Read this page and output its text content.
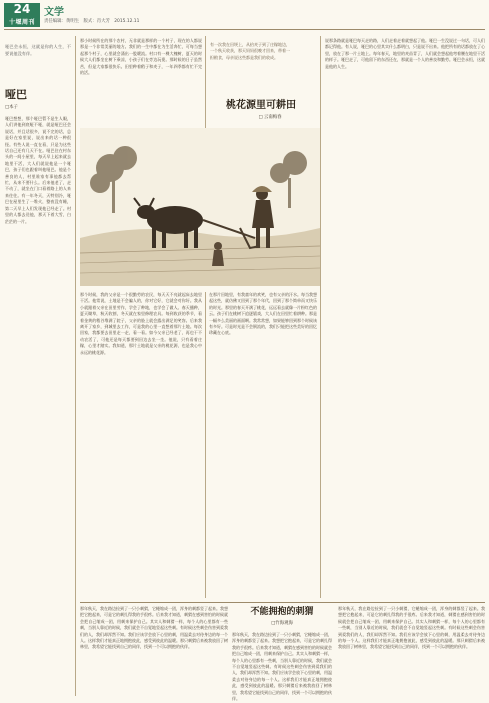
24
十堰周刊
文学
责任编辑：黄明生　版式：肖大芳　2015.12.11
哑巴会永恒，这就是你的人生，不要说他没有伴。
哑巴
□本子
哑巴想想，那个哑巴暂不是生人眼，人们讲他到底哑不哑，就是哑巴还会说话，并且话很多，说不完的话，总是好在家里说，说出来的话一种很怪。有些人说一直在看，只是为这些话自己还有几天不在。哑巴住在村东头的一间小屋里，每天早上起来就去地里干活，大人们就说他是一个哑巴，孩子们也跟着叫他哑巴。他是个善良的人，村里谁家有事他都去帮忙，从来不要什么。后来他老了，走不动了，就坐在门口看着路上的人来来往往。有一年冬天，天特别冷，哑巴在屋里生了一堆火，整夜没有睡，第二天早上人们发现他已经走了。村里的人都去送他，那天下着大雪，白茫茫的一片。
那小时候所在的那个农村，无非就是那样的一个村子，现在的人都说那是一个非常美丽的地方。我们的一生中都在为生活奔忙，可每当想起那个村子，心里就会涌出一股暖流。村口有一棵大槐树，夏天的时候大人们都坐在树下乘凉，小孩子们在旁边玩耍。那时候的日子虽然苦，但是大家都很快乐。田里种着稻子和麦子，一年四季都有忙不完的活。
有一次我在田埂上，从拾麦子到了庄稼地边，一个秋天收获，那天妈妈很晚才回来，带着一担粮食，母亲说这些都是我们的收成。
桃花源里可耕田
□ 云南梅春
那个时候，我的父亲是一个很勤劳的农民，每天天不亮就起床去地里干活。他常说，土地是不会骗人的，你对它好，它就会对你好。我从小就跟着父亲在田里劳作，学会了种地，也学会了做人。春天播种，夏天锄草，秋天收割，冬天就在家里修理农具。每到收获的季节，看着金黄的稻谷堆满了院子，父亲的脸上就会露出满足的笑容。后来我离开了家乡，到城里去工作，可是我的心里一直想着那片土地。每次回家，我都要去田里走一走，看一看。如今父亲已经老了，再也干不动农活了，可他还是每天都要到田边去坐一坐。他说，只有看着庄稼，心里才踏实。我知道，那片土地就是父亲的桃花源，也是我心中永远的桃花源。
在那片田地里，有我童年的欢笑，也有父亲的汗水。每当我想起这些，就仿佛又回到了那个年代，回到了那个简单而又快乐的时光。那里的春天开满了桃花，远远看去就像一片粉红色的云。孩子们在桃树下追逐嬉戏，大人们在田里忙着耕种。那是一幅多么美丽的画面啊。我常常想，如果能够回到那个时候该有多好。可是时光是不会倒流的，我们只能把这些美好的回忆珍藏在心底。
说那条路就是哑巴每天走的路，人们走着走着就想起了他。哑巴一生没说过一句话，可人们都记得他。有人说，哑巴的心里其实什么都明白，只是说不出来。他把所有的话都放在了心里，放在了那一片土地上。每年春天，地里的麦苗青了，人们就会想起他弯着腰在地里干活的样子。哑巴走了，可他留下的东西还在，那就是一个人的善良和勤劳。哑巴会永恒，这就是他的人生。
不能拥抱的刺猬
□竹海观海
那年秋天，我在路边捡到了一只小刺猬，它蜷缩成一团，浑身的刺都竖了起来。我想把它抱起来，可是它的刺扎得我的手很疼。后来我才知道，刺猬在感到害怕的时候就会把自己缩成一团，用刺来保护自己。其实人和刺猬一样，每个人的心里都有一些刺，当别人靠近的时候，我们就会不自觉地竖起这些刺。有时候这些刺会伤害到爱我们的人，我们却浑然不知。我们应该学会放下心里的刺，用温柔去对待身边的每一个人。这样我们才能真正地拥抱彼此，感受到彼此的温暖。那只刺猬后来被我放回了树林里，我希望它能找到自己的同伴，找到一个可以拥抱的伙伴。
那年秋天，我在路边捡到了一只小刺猬，它蜷缩成一团，浑身的刺都竖了起来。我想把它抱起来，可是它的刺扎得我的手很疼。后来我才知道，刺猬在感到害怕的时候就会把自己缩成一团，用刺来保护自己。其实人和刺猬一样，每个人的心里都有一些刺，当别人靠近的时候，我们就会不自觉地竖起这些刺。有时候这些刺会伤害到爱我们的人，我们却浑然不知。我们应该学会放下心里的刺，用温柔去对待身边的每一个人。这样我们才能真正地拥抱彼此，感受到彼此的温暖。那只刺猬后来被我放回了树林里，我希望它能找到自己的同伴，找到一个可以拥抱的伙伴。
那年秋天，我在路边捡到了一只小刺猬，它蜷缩成一团，浑身的刺都竖了起来。我想把它抱起来，可是它的刺扎得我的手很疼。后来我才知道，刺猬在感到害怕的时候就会把自己缩成一团，用刺来保护自己。其实人和刺猬一样，每个人的心里都有一些刺，当别人靠近的时候，我们就会不自觉地竖起这些刺。有时候这些刺会伤害到爱我们的人，我们却浑然不知。我们应该学会放下心里的刺，用温柔去对待身边的每一个人。这样我们才能真正地拥抱彼此，感受到彼此的温暖。那只刺猬后来被我放回了树林里，我希望它能找到自己的同伴，找到一个可以拥抱的伙伴。
